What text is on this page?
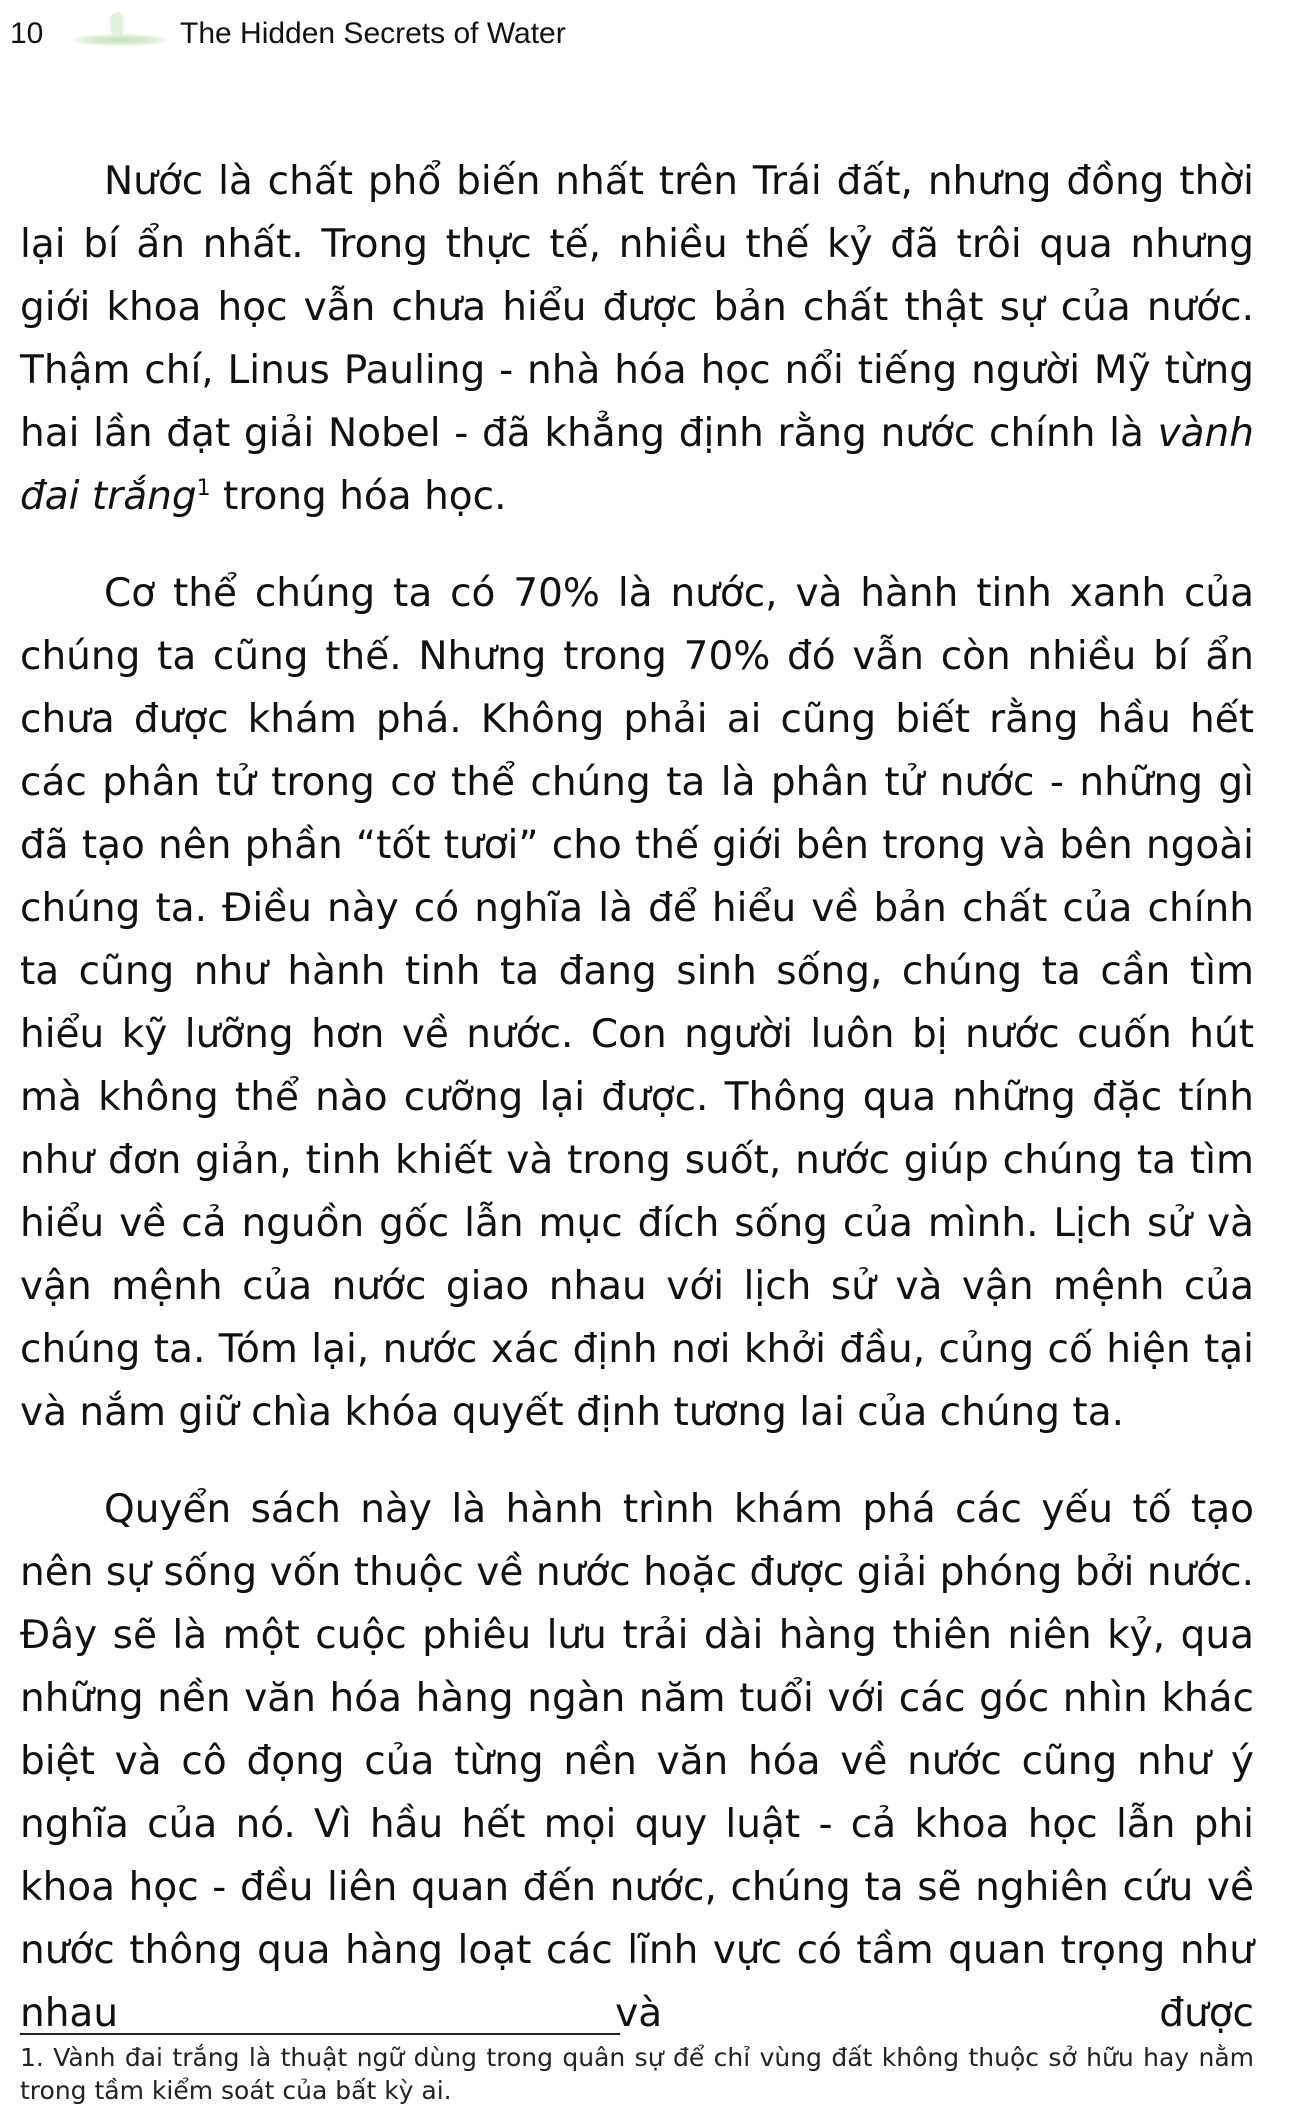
10	The Hidden Secrets of Water

Nước là chất phổ biến nhất trên Trái đất, nhưng đồng thời lại bí ẩn nhất. Trong thực tế, nhiều thế kỷ đã trôi qua nhưng giới khoa học vẫn chưa hiểu được bản chất thật sự của nước. Thậm chí, Linus Pauling - nhà hóa học nổi tiếng người Mỹ từng hai lần đạt giải Nobel - đã khẳng định rằng nước chính là vành đai trắng$^1$ trong hóa học.

Cơ thể chúng ta có 70% là nước, và hành tinh xanh của chúng ta cũng thế. Nhưng trong 70% đó vẫn còn nhiều bí ẩn chưa được khám phá. Không phải ai cũng biết rằng hầu hết các phân tử trong cơ thể chúng ta là phân tử nước - những gì đã tạo nên phần “tốt tươi” cho thế giới bên trong và bên ngoài chúng ta. Điều này có nghĩa là để hiểu về bản chất của chính ta cũng như hành tinh ta đang sinh sống, chúng ta cần tìm hiểu kỹ lưỡng hơn về nước. Con người luôn bị nước cuốn hút mà không thể nào cưỡng lại được. Thông qua những đặc tính như đơn giản, tinh khiết và trong suốt, nước giúp chúng ta tìm hiểu về cả nguồn gốc lẫn mục đích sống của mình. Lịch sử và vận mệnh của nước giao nhau với lịch sử và vận mệnh của chúng ta. Tóm lại, nước xác định nơi khởi đầu, củng cố hiện tại và nắm giữ chìa khóa quyết định tương lai của chúng ta.

Quyển sách này là hành trình khám phá các yếu tố tạo nên sự sống vốn thuộc về nước hoặc được giải phóng bởi nước. Đây sẽ là một cuộc phiêu lưu trải dài hàng thiên niên kỷ, qua những nền văn hóa hàng ngàn năm tuổi với các góc nhìn khác biệt và cô đọng của từng nền văn hóa về nước cũng như ý nghĩa của nó. Vì hầu hết mọi quy luật - cả khoa học lẫn phi khoa học - đều liên quan đến nước, chúng ta sẽ nghiên cứu về nước thông qua hàng loạt các lĩnh vực có tầm quan trọng như nhau và được

1. Vành đai trắng là thuật ngữ dùng trong quân sự để chỉ vùng đất không thuộc sở hữu hay nằm trong tầm kiểm soát của bất kỳ ai.
